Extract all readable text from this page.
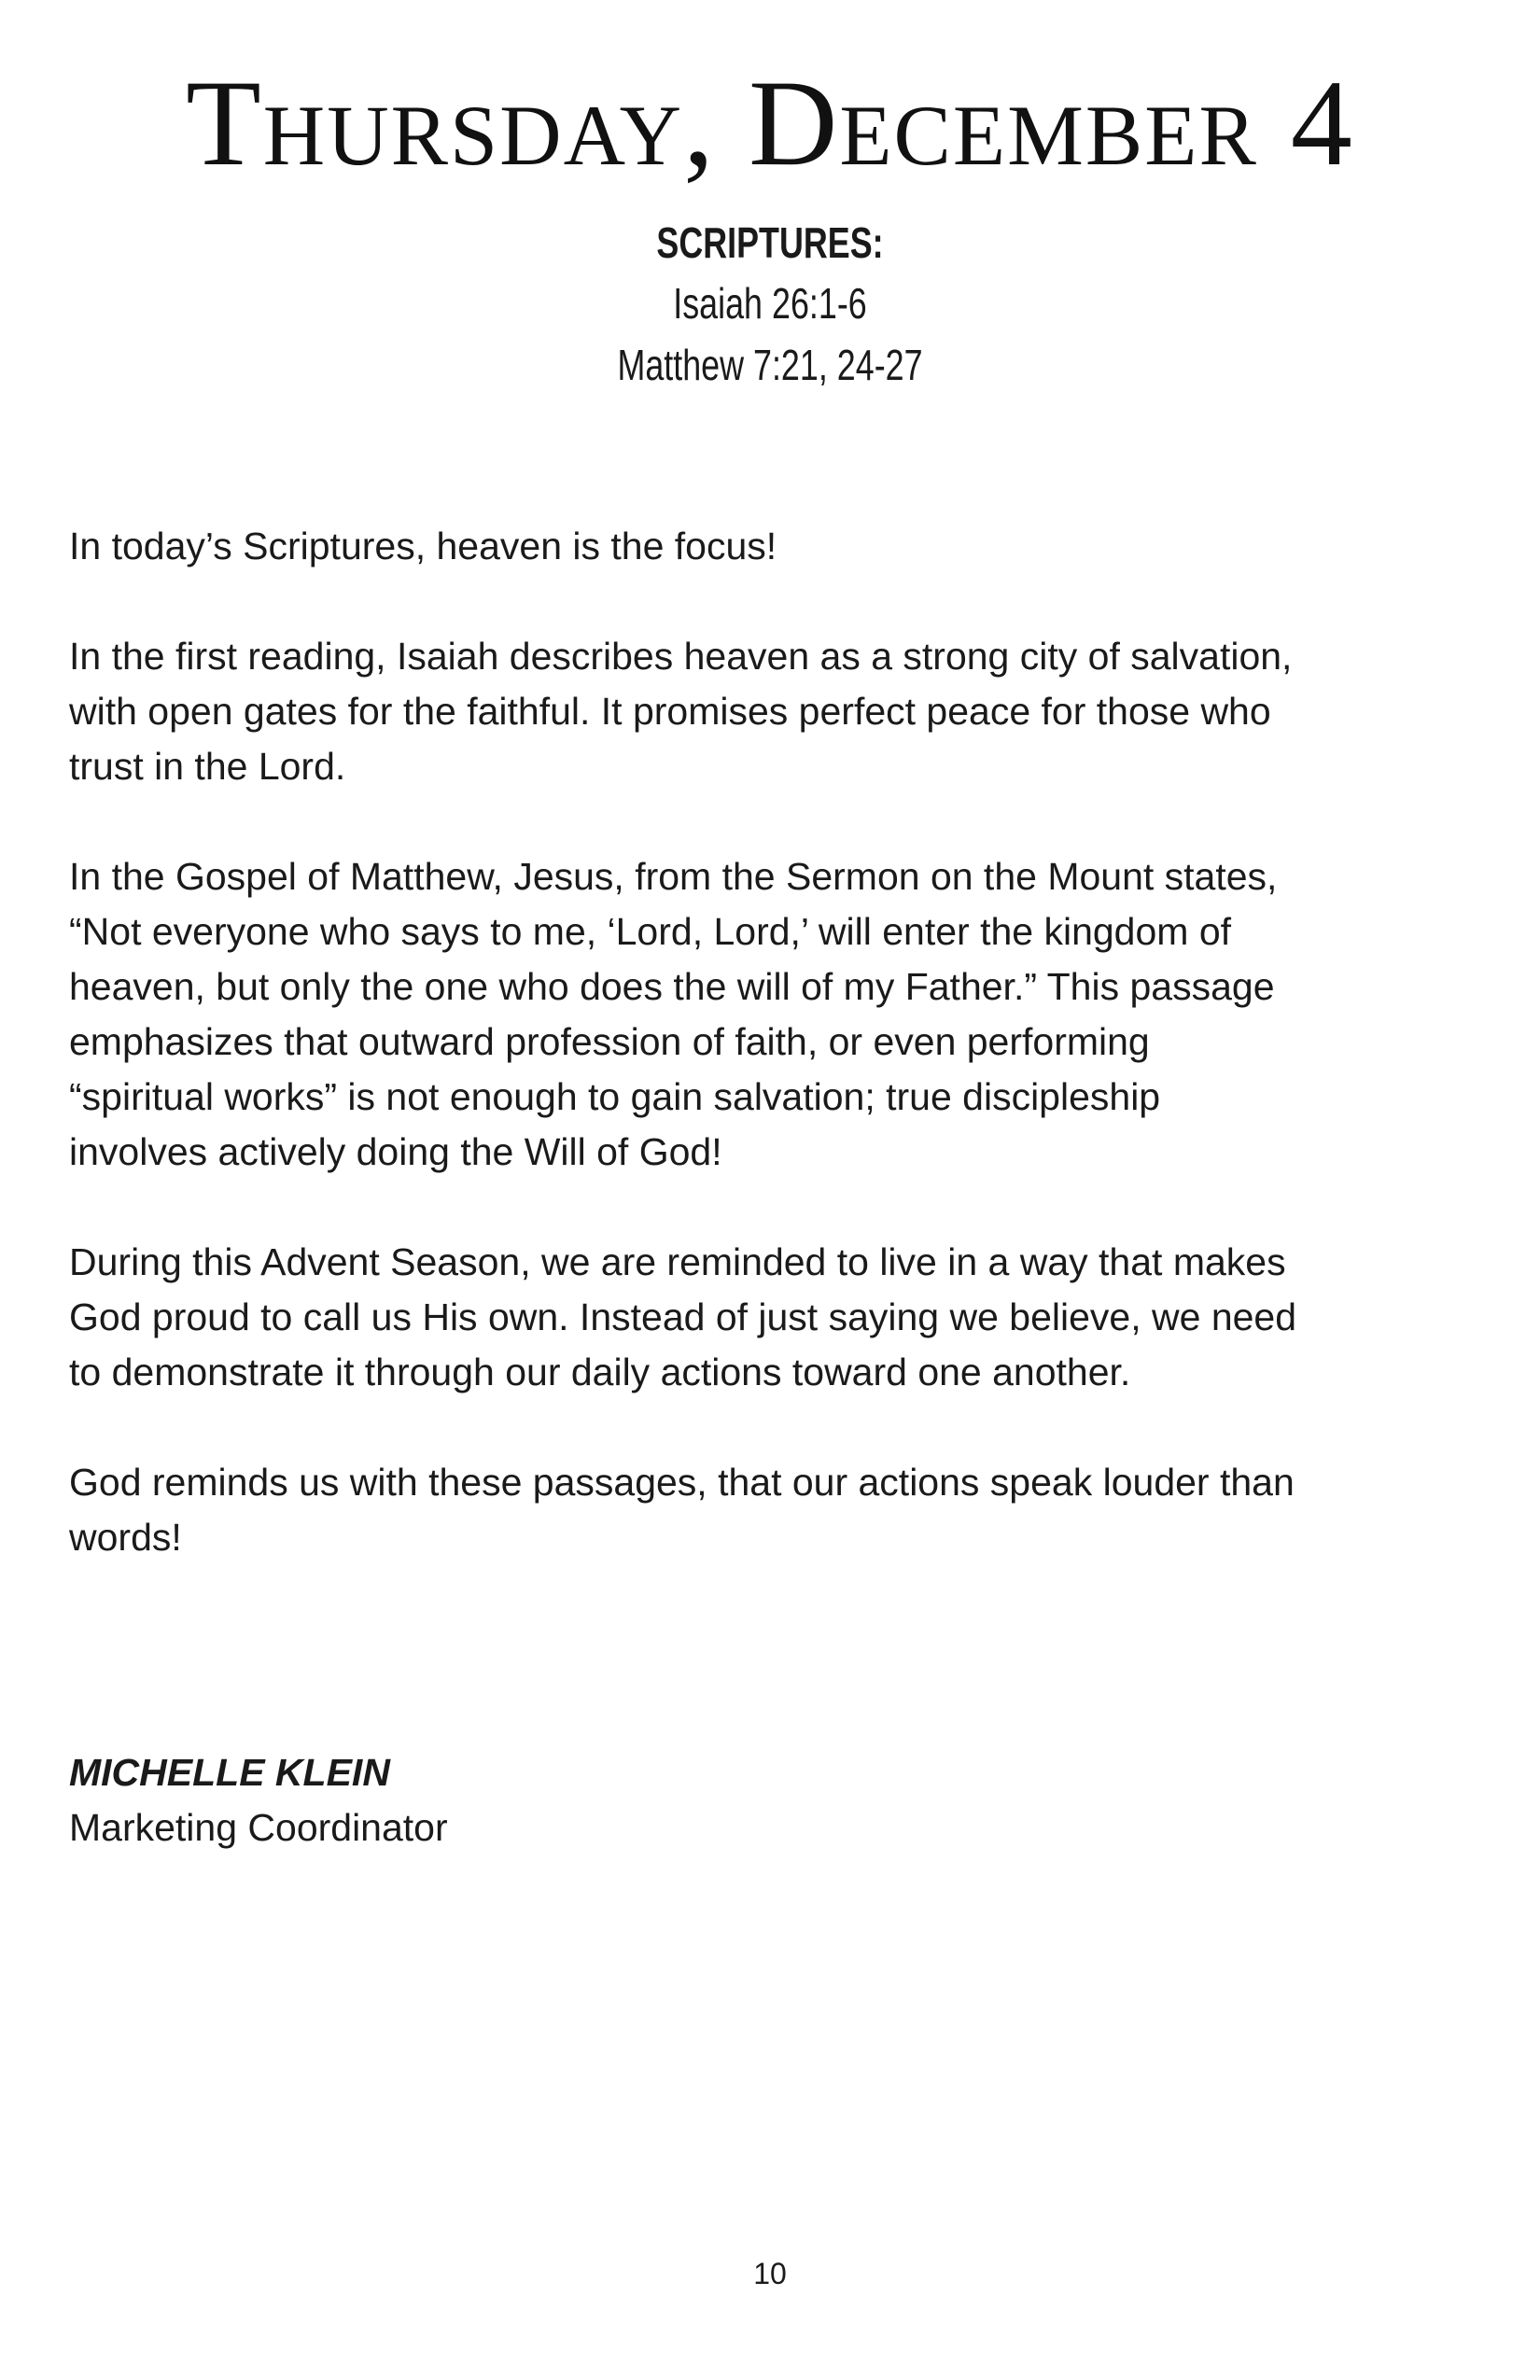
Thursday, December 4
SCRIPTURES:
Isaiah 26:1-6
Matthew 7:21, 24-27

In today’s Scriptures, heaven is the focus!

In the first reading, Isaiah describes heaven as a strong city of salvation,
with open gates for the faithful. It promises perfect peace for those who
trust in the Lord.

In the Gospel of Matthew, Jesus, from the Sermon on the Mount states,
“Not everyone who says to me, ‘Lord, Lord,’ will enter the kingdom of
heaven, but only the one who does the will of my Father.” This passage
emphasizes that outward profession of faith, or even performing
“spiritual works” is not enough to gain salvation; true discipleship
involves actively doing the Will of God!

During this Advent Season, we are reminded to live in a way that makes
God proud to call us His own. Instead of just saying we believe, we need
to demonstrate it through our daily actions toward one another.

God reminds us with these passages, that our actions speak louder than
words!

MICHELLE KLEIN
Marketing Coordinator
10
